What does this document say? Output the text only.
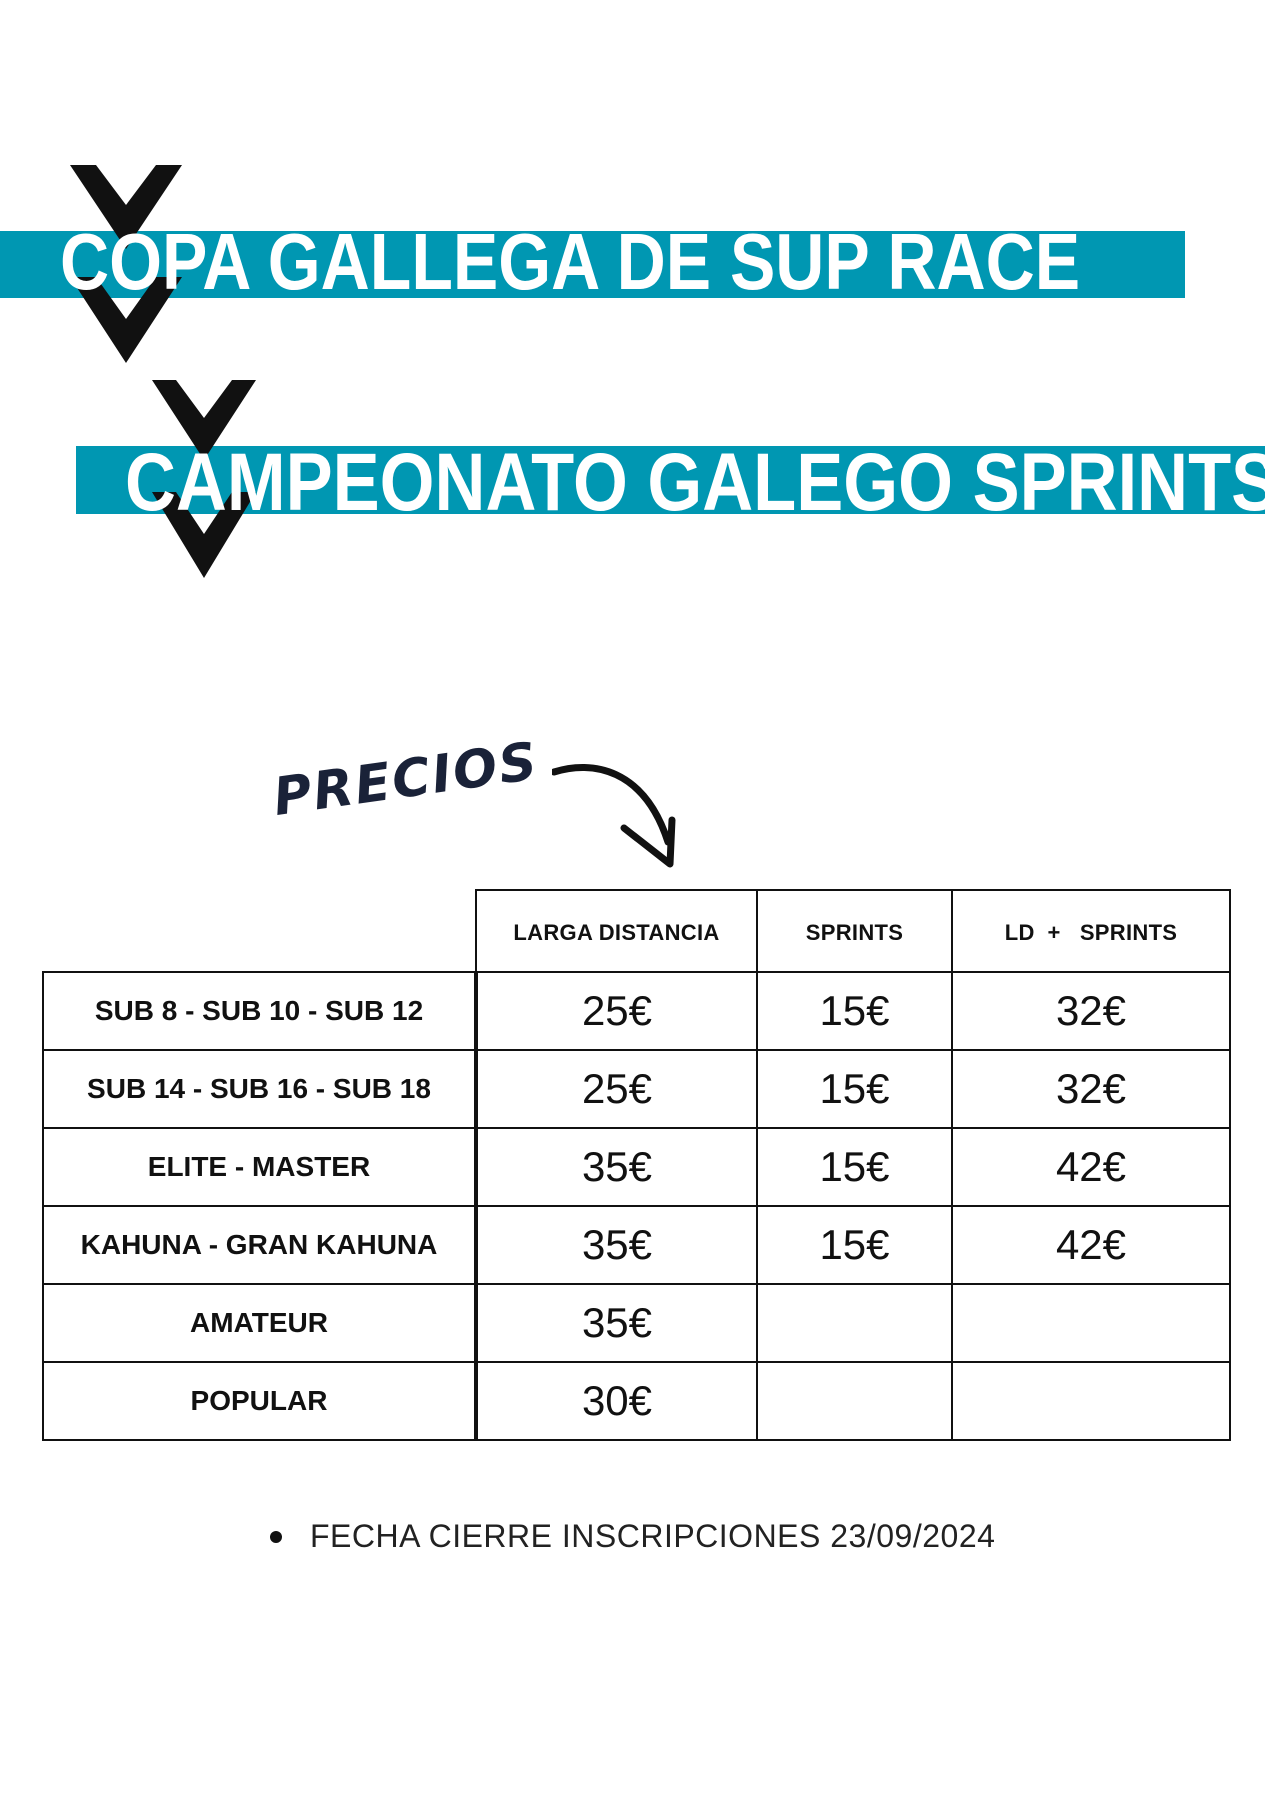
COPA GALLEGA DE SUP RACE
CAMPEONATO GALEGO SPRINTS
PRECIOS
	LARGA DISTANCIA	SPRINTS	LD  +   SPRINTS
SUB 8 - SUB 10 - SUB 12	25€	15€	32€
SUB 14 - SUB 16 - SUB 18	25€	15€	32€
ELITE - MASTER	35€	15€	42€
KAHUNA - GRAN KAHUNA	35€	15€	42€
AMATEUR	35€		
POPULAR	30€		
FECHA CIERRE INSCRIPCIONES 23/09/2024
